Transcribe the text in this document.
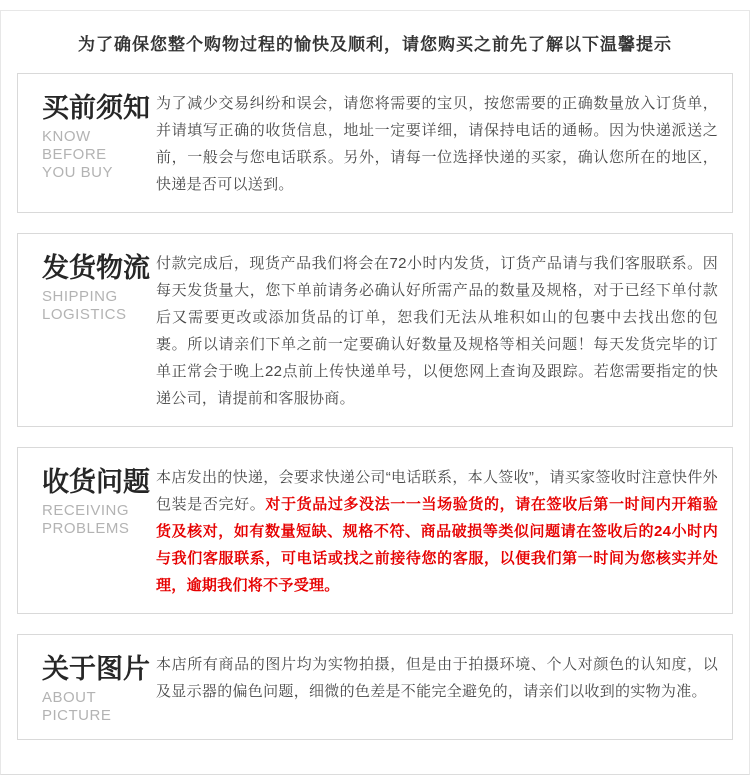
为了确保您整个购物过程的愉快及顺利，请您购买之前先了解以下温馨提示
买前须知
KNOW BEFORE
YOU BUY
为了减少交易纠纷和误会，请您将需要的宝贝，按您需要的正确数量放入订货单，并请填写正确的收货信息，地址一定要详细，请保持电话的通畅。因为快递派送之前，一般会与您电话联系。另外，请每一位选择快递的买家，确认您所在的地区，快递是否可以送到。
发货物流
SHIPPING
LOGISTICS
付款完成后，现货产品我们将会在72小时内发货，订货产品请与我们客服联系。因每天发货量大，您下单前请务必确认好所需产品的数量及规格，对于已经下单付款后又需要更改或添加货品的订单，恕我们无法从堆积如山的包裹中去找出您的包裹。所以请亲们下单之前一定要确认好数量及规格等相关问题！每天发货完毕的订单正常会于晚上22点前上传快递单号，以便您网上查询及跟踪。若您需要指定的快递公司，请提前和客服协商。
收货问题
RECEIVING
PROBLEMS
本店发出的快递，会要求快递公司“电话联系，本人签收”，请买家签收时注意快件外包装是否完好。对于货品过多没法一一当场验货的，请在签收后第一时间内开箱验货及核对，如有数量短缺、规格不符、商品破损等类似问题请在签收后的24小时内与我们客服联系，可电话或找之前接待您的客服，以便我们第一时间为您核实并处理，逾期我们将不予受理。
关于图片
ABOUT
PICTURE
本店所有商品的图片均为实物拍摄，但是由于拍摄环境、个人对颜色的认知度，以及显示器的偏色问题，细微的色差是不能完全避免的，请亲们以收到的实物为准。
